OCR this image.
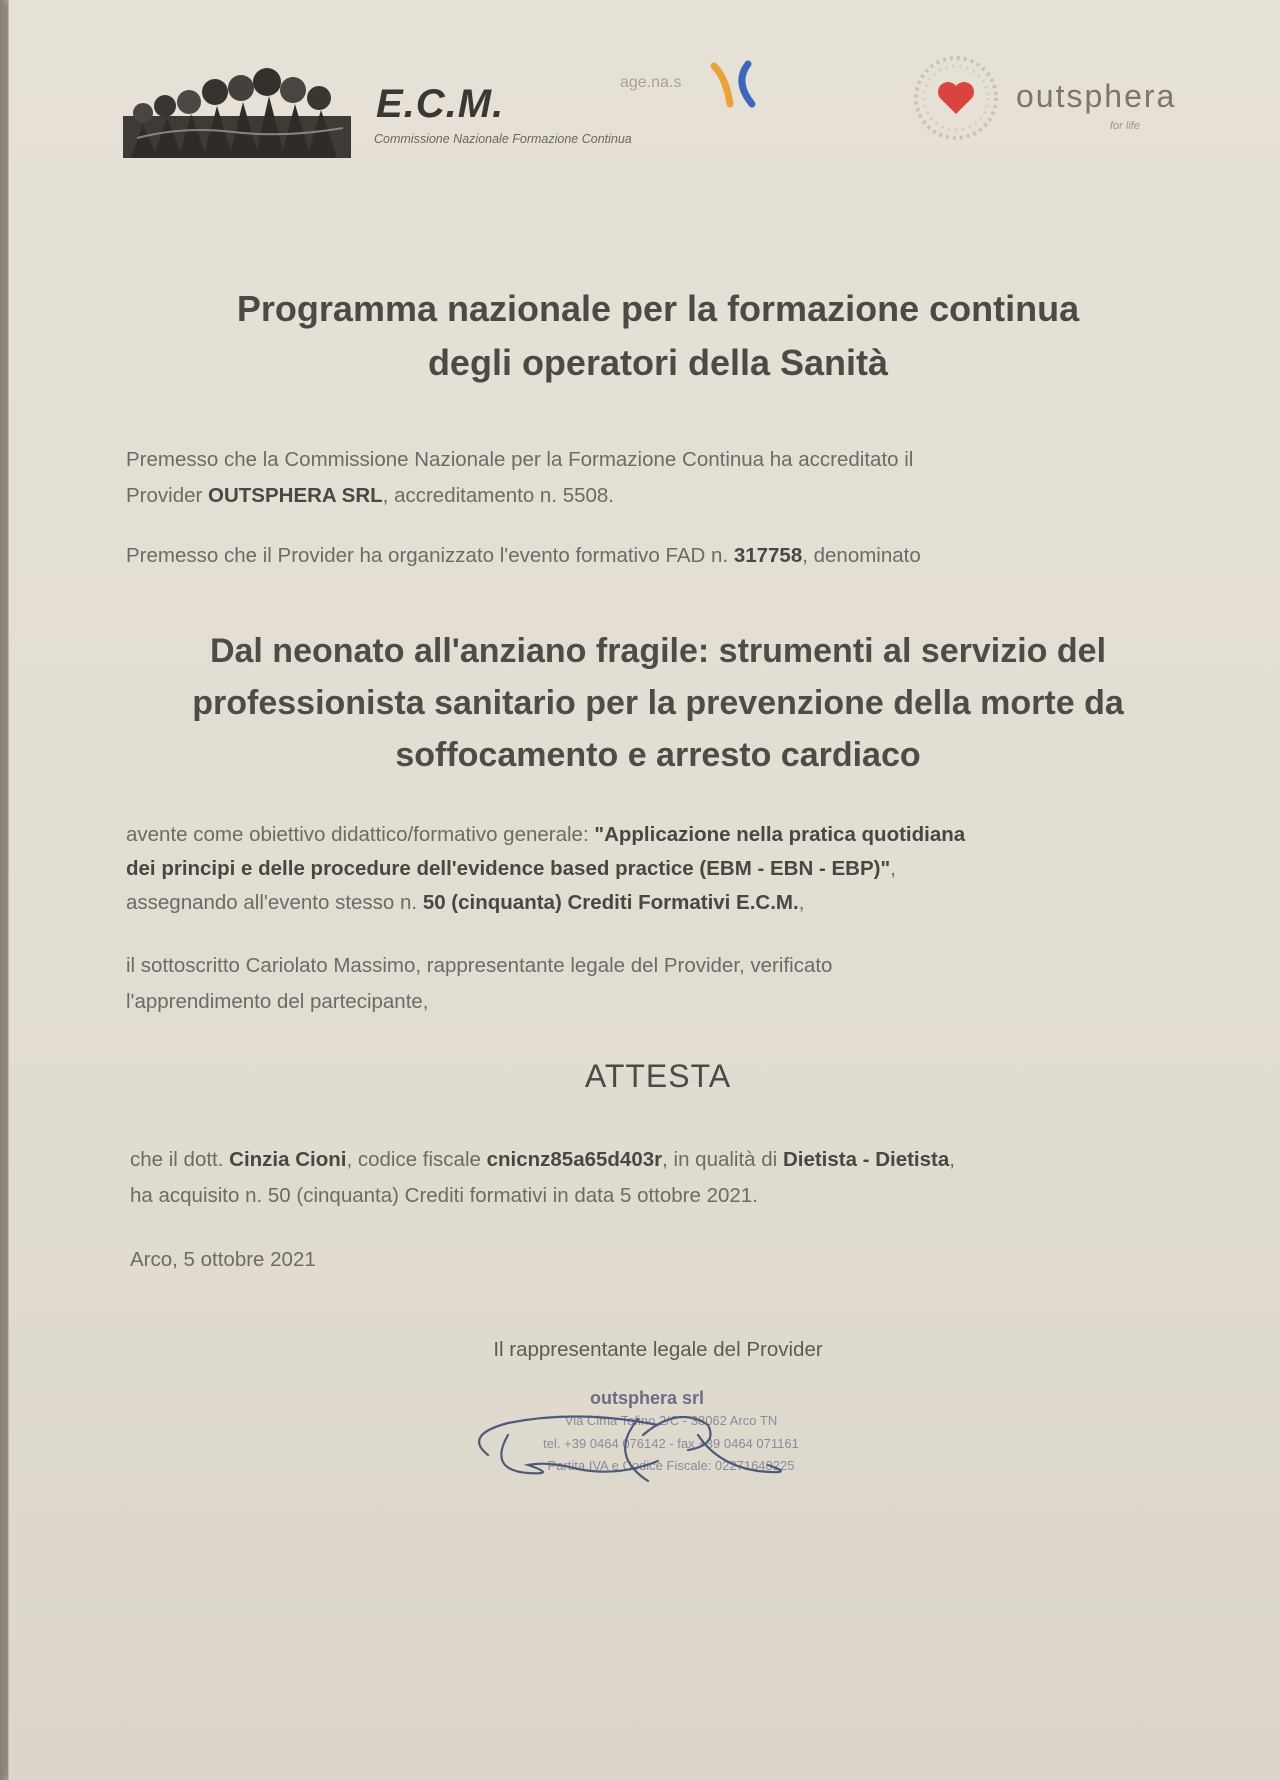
E.C.M.
Commissione Nazionale Formazione Continua
age.na.s	outsphera
for life
Programma nazionale per la formazione continua
degli operatori della Sanità
Premesso che la Commissione Nazionale per la Formazione Continua ha accreditato il
Provider OUTSPHERA SRL, accreditamento n. 5508.
Premesso che il Provider ha organizzato l'evento formativo FAD n. 317758, denominato
Dal neonato all'anziano fragile: strumenti al servizio del
professionista sanitario per la prevenzione della morte da
soffocamento e arresto cardiaco
avente come obiettivo didattico/formativo generale: "Applicazione nella pratica quotidiana
dei principi e delle procedure dell'evidence based practice (EBM - EBN - EBP)",
assegnando all'evento stesso n. 50 (cinquanta) Crediti Formativi E.C.M.,
il sottoscritto Cariolato Massimo, rappresentante legale del Provider, verificato
l'apprendimento del partecipante,
ATTESTA
che il dott. Cinzia Cioni, codice fiscale cnicnz85a65d403r, in qualità di Dietista - Dietista,
ha acquisito n. 50 (cinquanta) Crediti formativi in data 5 ottobre 2021.
Arco, 5 ottobre 2021
Il rappresentante legale del Provider
outsphera srl
Via Cima Tofino 2/C - 38062 Arco TN
tel. +39 0464 076142 - fax +39 0464 071161
Partita IVA e Codice Fiscale: 02271640225
